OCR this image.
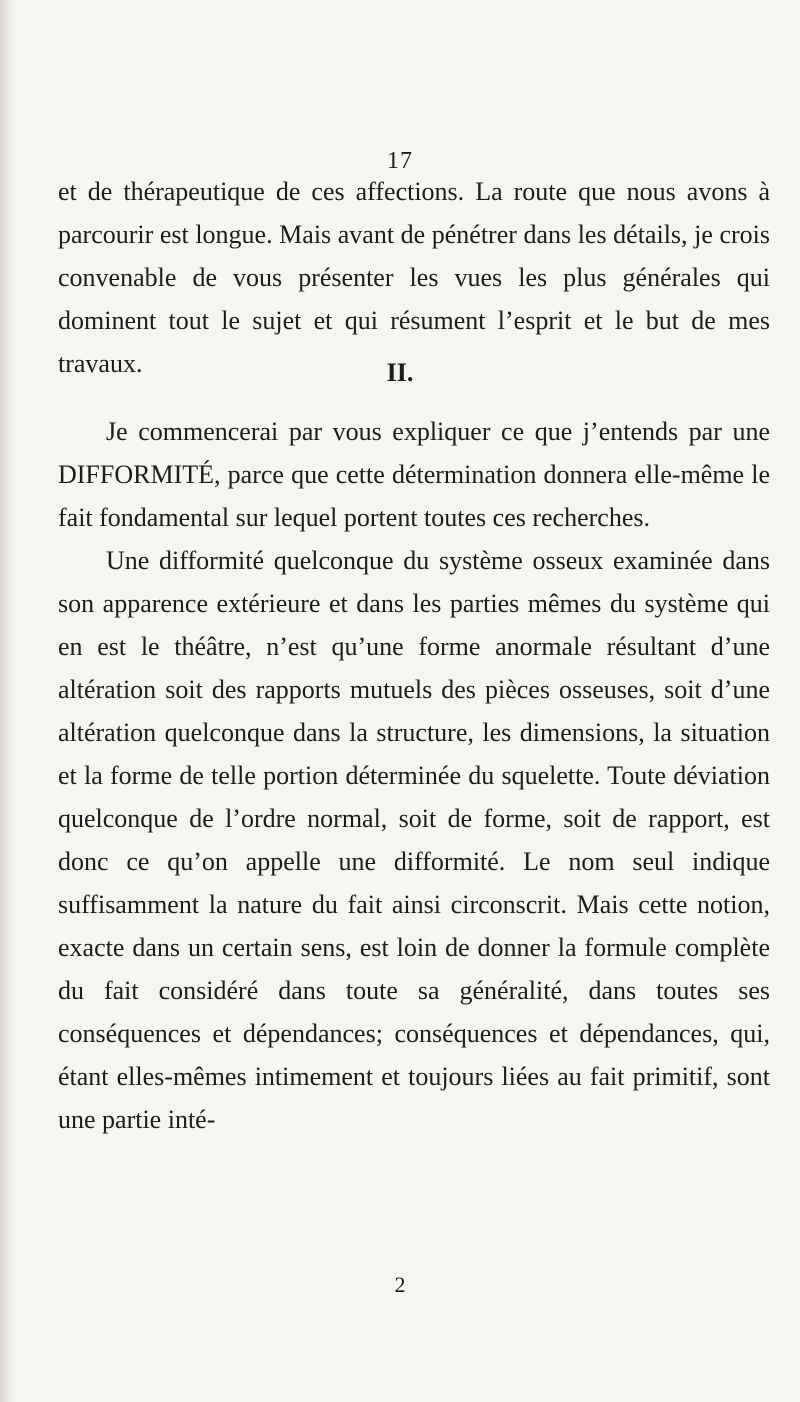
17

et de thérapeutique de ces affections. La route que nous avons à parcourir est longue. Mais avant de pénétrer dans les détails, je crois convenable de vous présenter les vues les plus générales qui dominent tout le sujet et qui résument l’esprit et le but de mes travaux.	II.

Je commencerai par vous expliquer ce que j’entends par une DIFFORMITÉ, parce que cette détermination donnera elle-même le fait fondamental sur lequel portent toutes ces recherches.

Une difformité quelconque du système osseux examinée dans son apparence extérieure et dans les parties mêmes du système qui en est le théâtre, n’est qu’une forme anormale résultant d’une altération soit des rapports mutuels des pièces osseuses, soit d’une altération quelconque dans la structure, les dimensions, la situation et la forme de telle portion déterminée du squelette. Toute déviation quelconque de l’ordre normal, soit de forme, soit de rapport, est donc ce qu’on appelle une difformité. Le nom seul indique suffisamment la nature du fait ainsi circonscrit. Mais cette notion, exacte dans un certain sens, est loin de donner la formule complète du fait considéré dans toute sa généralité, dans toutes ses conséquences et dépendances; conséquences et dépendances, qui, étant elles-mêmes intimement et toujours liées au fait primitif, sont une partie inté-

2
